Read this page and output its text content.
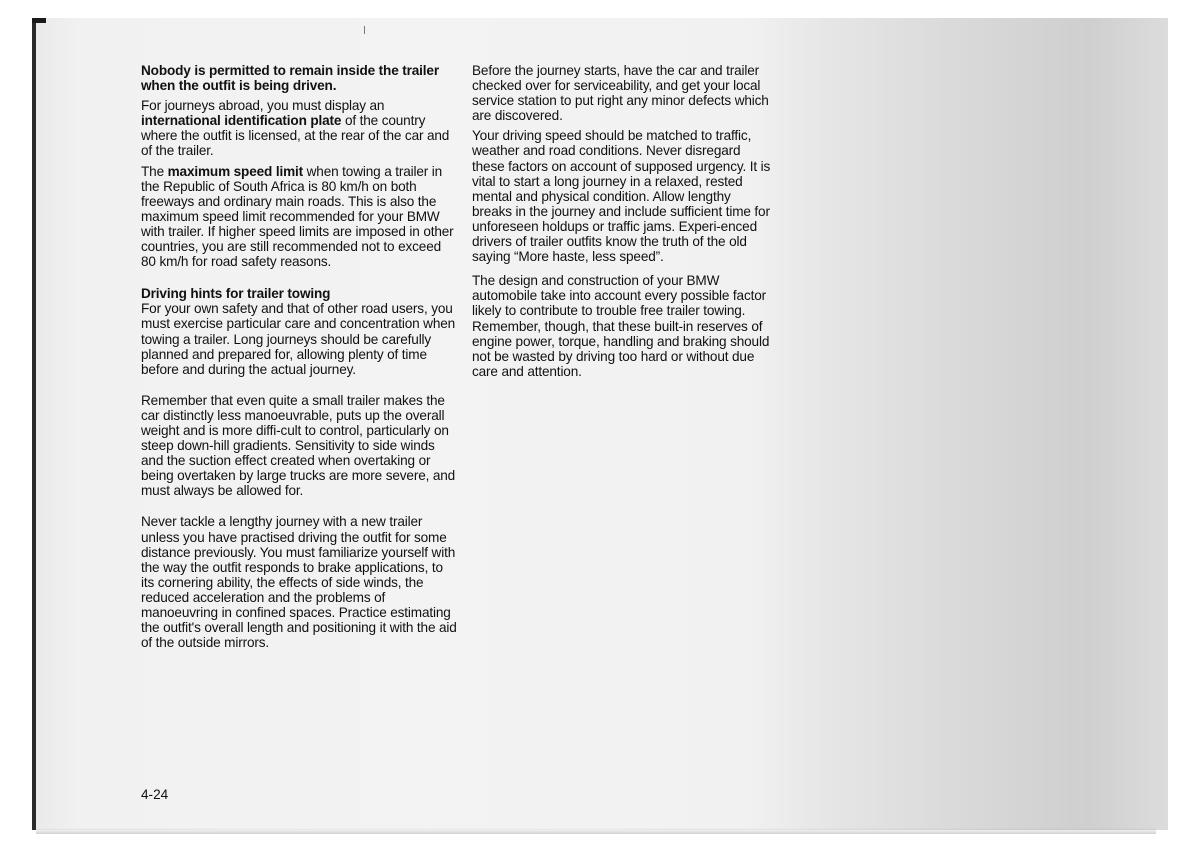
Nobody is permitted to remain inside the trailer when the outfit is being driven.

For journeys abroad, you must display an international identification plate of the country where the outfit is licensed, at the rear of the car and of the trailer.

The maximum speed limit when towing a trailer in the Republic of South Africa is 80 km/h on both freeways and ordinary main roads. This is also the maximum speed limit recommended for your BMW with trailer. If higher speed limits are imposed in other countries, you are still recommended not to exceed 80 km/h for road safety reasons.

Driving hints for trailer towing

For your own safety and that of other road users, you must exercise particular care and concentration when towing a trailer. Long journeys should be carefully planned and prepared for, allowing plenty of time before and during the actual journey.

Remember that even quite a small trailer makes the car distinctly less manoeuvrable, puts up the overall weight and is more diffi-cult to control, particularly on steep down-hill gradients. Sensitivity to side winds and the suction effect created when overtaking or being overtaken by large trucks are more severe, and must always be allowed for.

Never tackle a lengthy journey with a new trailer unless you have practised driving the outfit for some distance previously. You must familiarize yourself with the way the outfit responds to brake applications, to its cornering ability, the effects of side winds, the reduced acceleration and the problems of manoeuvring in confined spaces. Practice estimating the outfit's overall length and positioning it with the aid of the outside mirrors.

Before the journey starts, have the car and trailer checked over for serviceability, and get your local service station to put right any minor defects which are discovered.

Your driving speed should be matched to traffic, weather and road conditions. Never disregard these factors on account of supposed urgency. It is vital to start a long journey in a relaxed, rested mental and physical condition. Allow lengthy breaks in the journey and include sufficient time for unforeseen holdups or traffic jams. Experi-enced drivers of trailer outfits know the truth of the old saying “More haste, less speed”.

The design and construction of your BMW automobile take into account every possible factor likely to contribute to trouble free trailer towing. Remember, though, that these built-in reserves of engine power, torque, handling and braking should not be wasted by driving too hard or without due care and attention.

4-24
